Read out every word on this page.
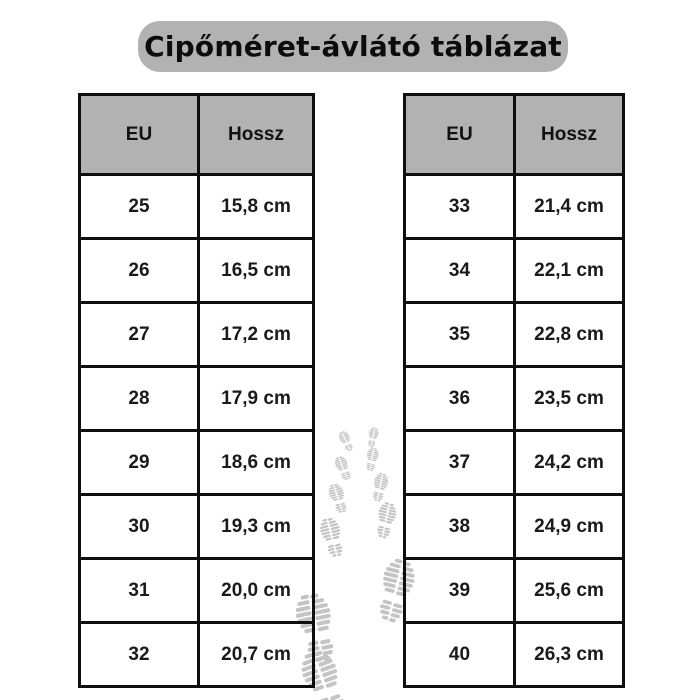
Cipőméret-ávlátó táblázat
EU	Hossz
25	15,8 cm
26	16,5 cm
27	17,2 cm
28	17,9 cm
29	18,6 cm
30	19,3 cm
31	20,0 cm
32	20,7 cm
EU	Hossz
33	21,4 cm
34	22,1 cm
35	22,8 cm
36	23,5 cm
37	24,2 cm
38	24,9 cm
39	25,6 cm
40	26,3 cm
